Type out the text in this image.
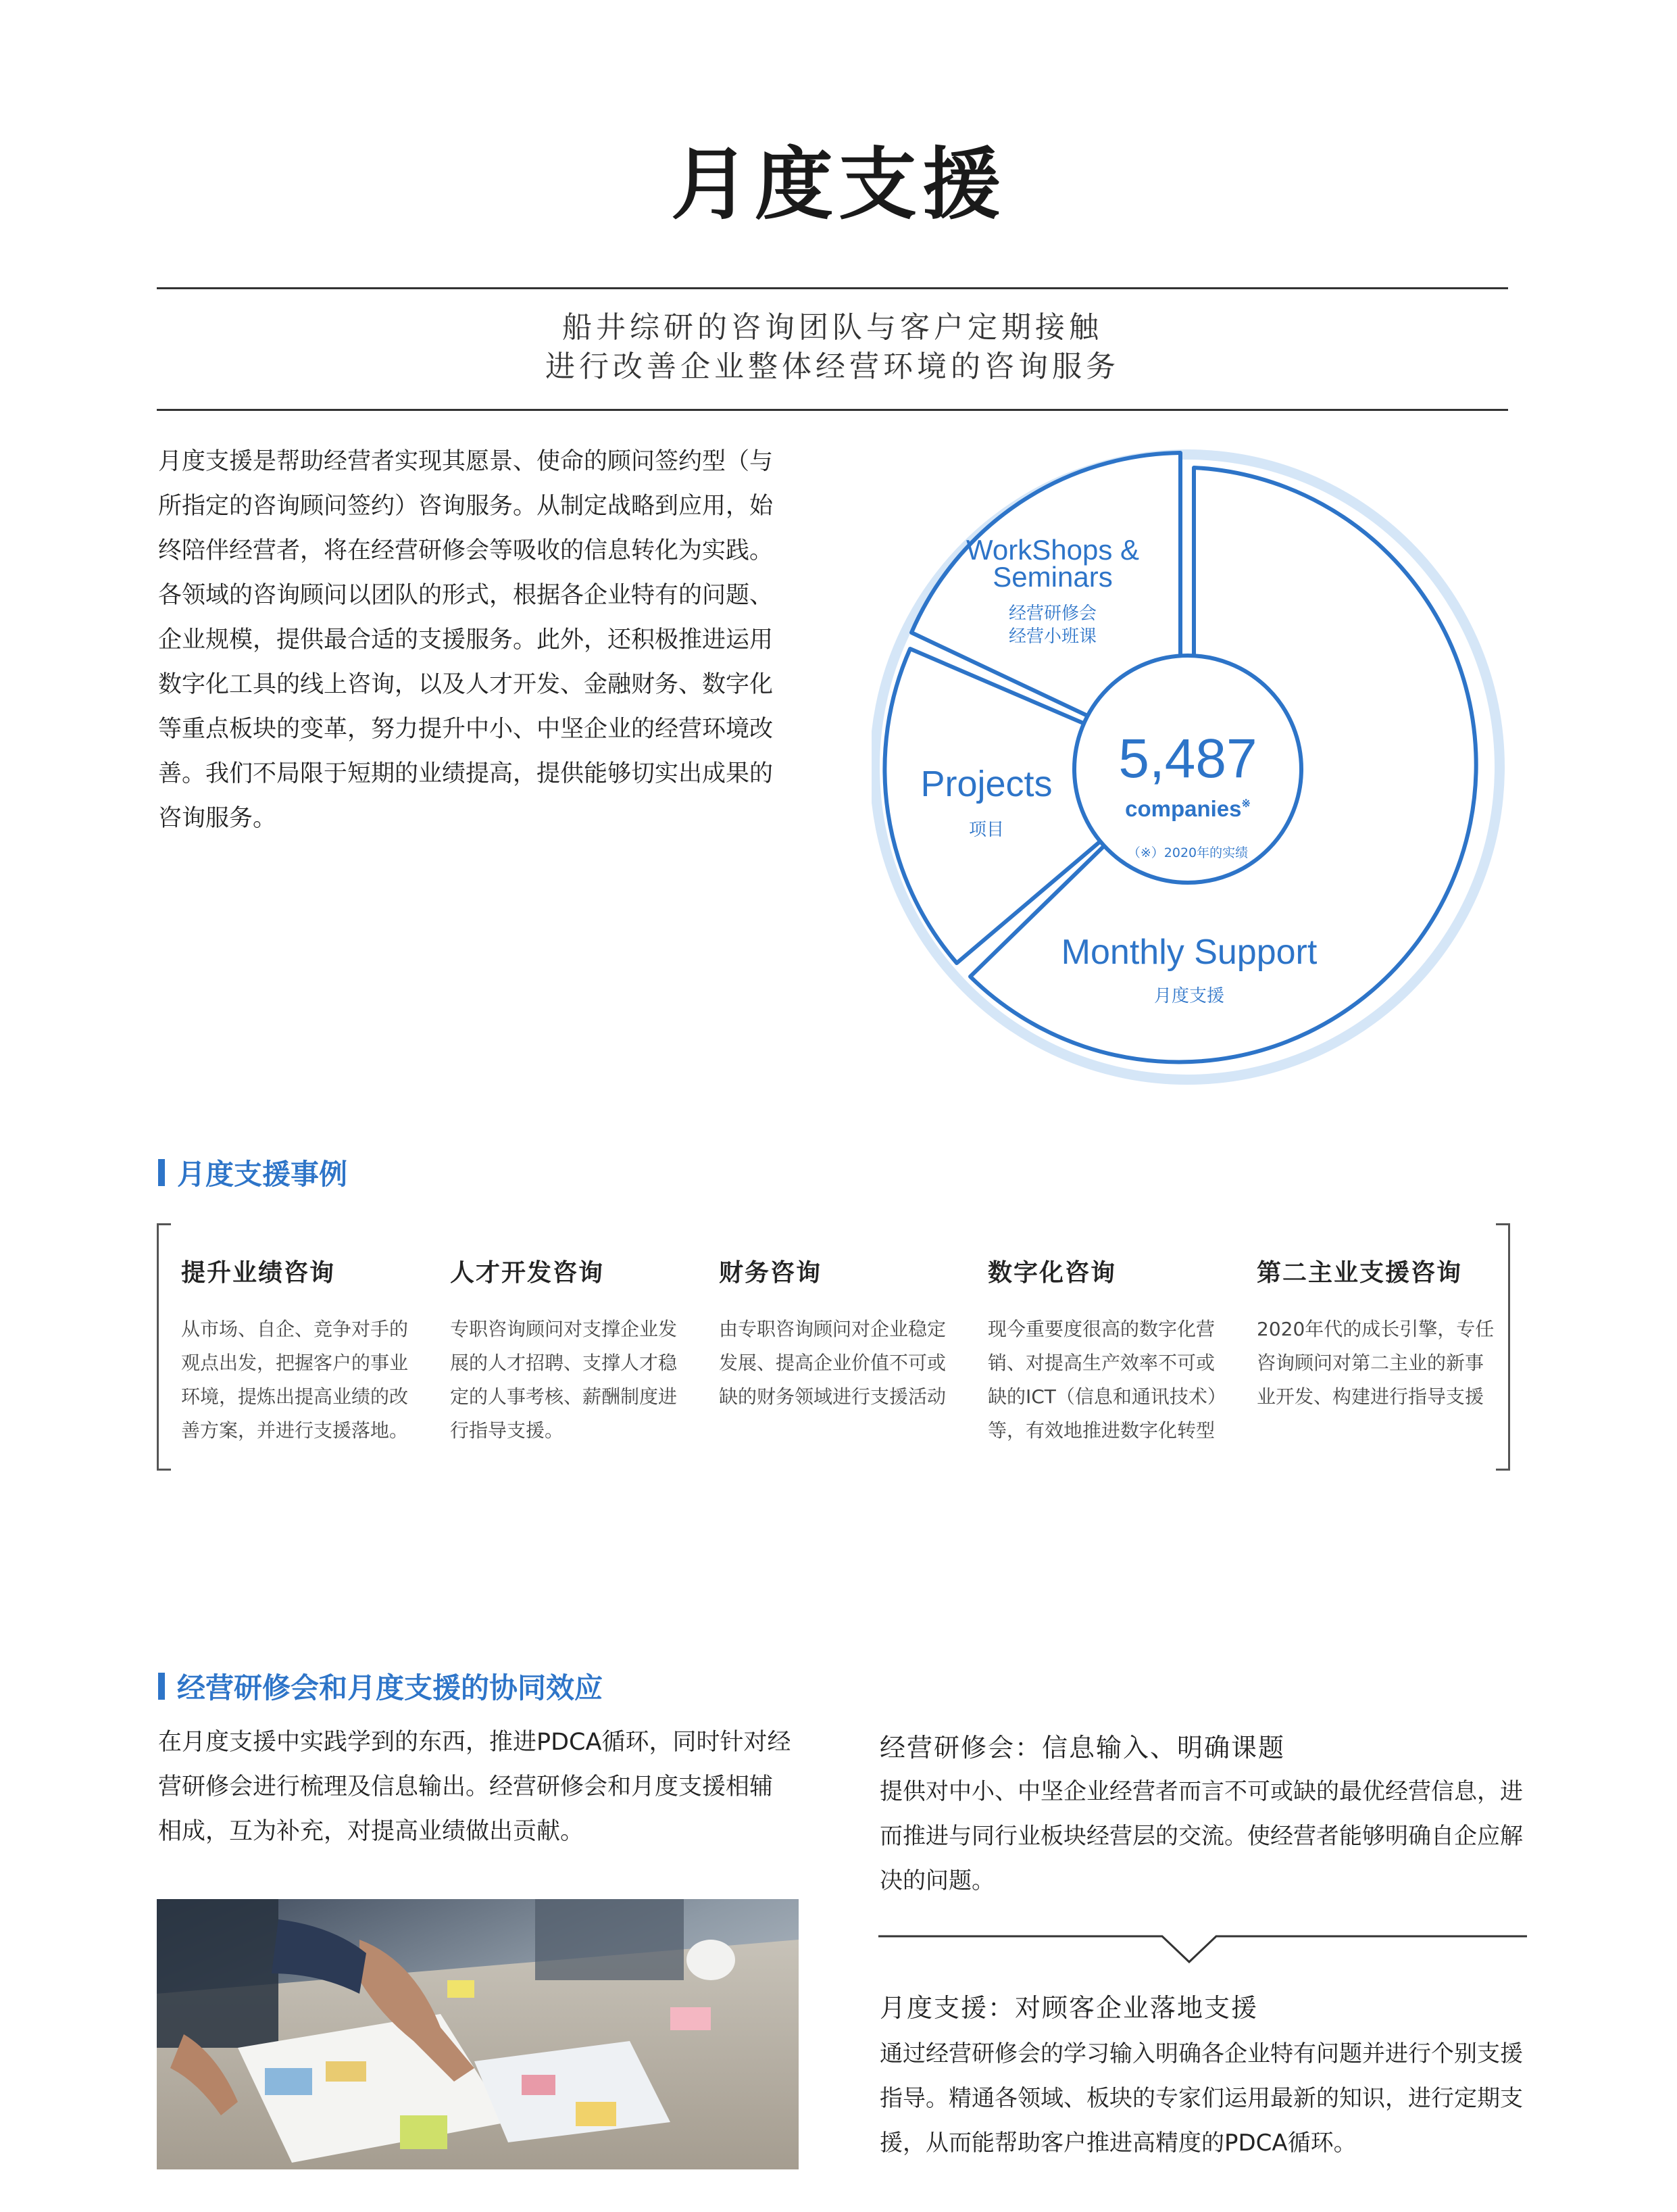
月度支援
船井综研的咨询团队与客户定期接触
进行改善企业整体经营环境的咨询服务

月度支援是帮助经营者实现其愿景、使命的顾问签约型（与

所指定的咨询顾问签约）咨询服务。从制定战略到应用，始

终陪伴经营者，将在经营研修会等吸收的信息转化为实践。

各领域的咨询顾问以团队的形式，根据各企业特有的问题、

企业规模，提供最合适的支援服务。此外，还积极推进运用

数字化工具的线上咨询，以及人才开发、金融财务、数字化

等重点板块的变革，努力提升中小、中坚企业的经营环境改

善。我们不局限于短期的业绩提高，提供能够切实出成果的

咨询服务。

5,487
companies※
（※）2020年的实绩
WorkShops &
Seminars
经营研修会
经营小班课
Projects
项目
Monthly Support
月度支援
月度支援事例
提升业绩咨询

从市场、自企、竞争对手的

观点出发，把握客户的事业

环境，提炼出提高业绩的改

善方案，并进行支援落地。

人才开发咨询

专职咨询顾问对支撑企业发

展的人才招聘、支撑人才稳

定的人事考核、薪酬制度进

行指导支援。

财务咨询

由专职咨询顾问对企业稳定

发展、提高企业价值不可或

缺的财务领域进行支援活动

数字化咨询

现今重要度很高的数字化营

销、对提高生产效率不可或

缺的ICT（信息和通讯技术）

等，有效地推进数字化转型

第二主业支援咨询

2020年代的成长引擎，专任

咨询顾问对第二主业的新事

业开发、构建进行指导支援

经营研修会和月度支援的协同效应

在月度支援中实践学到的东西，推进PDCA循环，同时针对经

营研修会进行梳理及信息输出。经营研修会和月度支援相辅

相成，互为补充，对提高业绩做出贡献。

经营研修会：信息输入、明确课题

提供对中小、中坚企业经营者而言不可或缺的最优经营信息，进

而推进与同行业板块经营层的交流。使经营者能够明确自企应解

决的问题。

月度支援：对顾客企业落地支援

通过经营研修会的学习输入明确各企业特有问题并进行个别支援

指导。精通各领域、板块的专家们运用最新的知识，进行定期支

援，从而能帮助客户推进高精度的PDCA循环。
